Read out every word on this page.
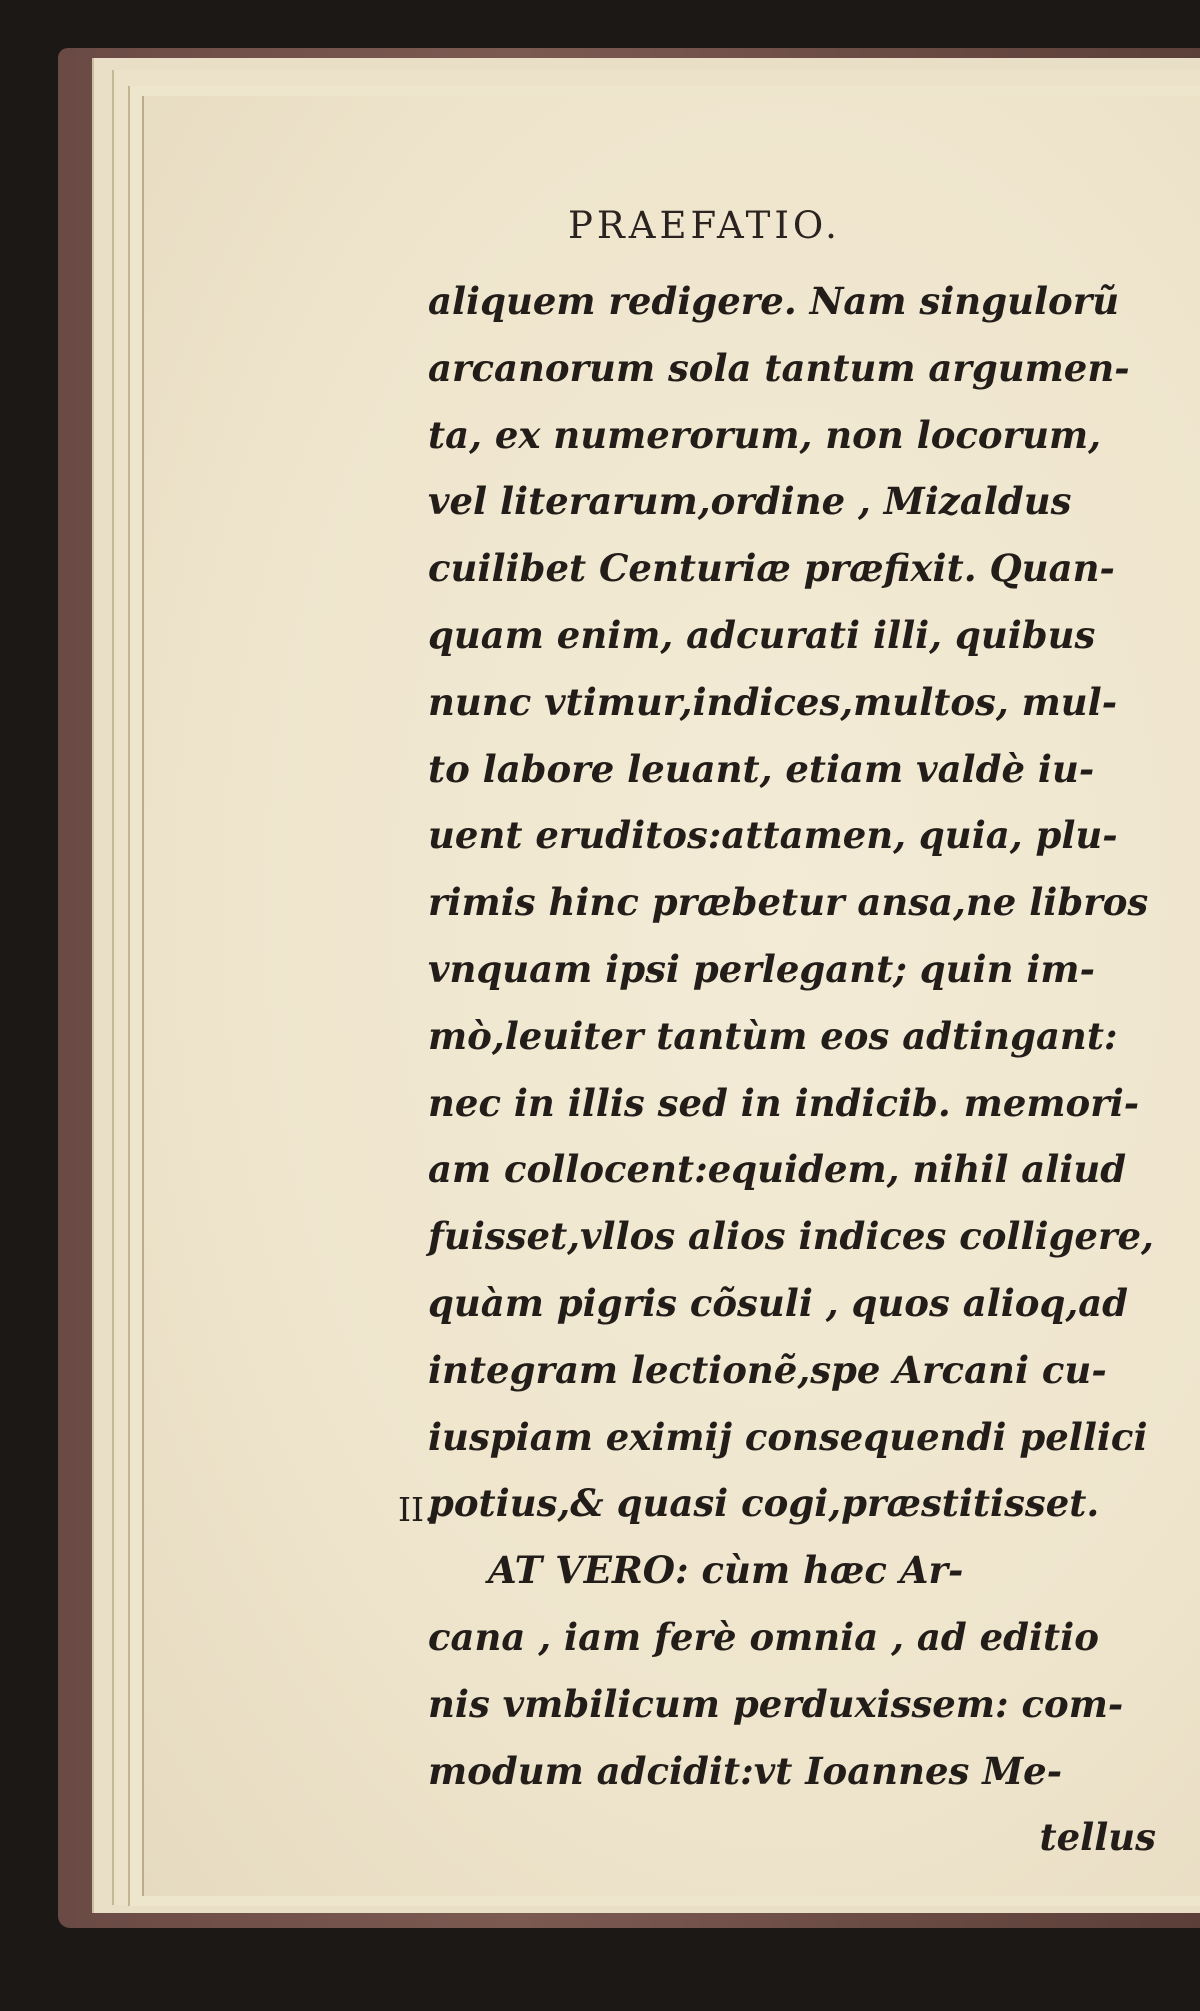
PRAEFATIO.
II.
aliquem redigere. Nam singulorũ
arcanorum sola tantum argumen-
ta, ex numerorum, non locorum,
vel literarum,ordine , Mizaldus
cuilibet Centuriæ præfixit. Quan-
quam enim, adcurati illi, quibus
nunc vtimur,indices,multos, mul-
to labore leuant, etiam valdè iu-
uent eruditos:attamen, quia, plu-
rimis hinc præbetur ansa,ne libros
vnquam ipsi perlegant; quin im-
mò,leuiter tantùm eos adtingant:
nec in illis sed in indicib. memori-
am collocent:equidem, nihil aliud
fuisset,vllos alios indices colligere,
quàm pigris cõsuli , quos alioq,ad
integram lectionẽ,spe Arcani cu-
iuspiam eximij consequendi pellici
potius,& quasi cogi,præstitisset.
AT VERO: cùm hæc Ar-
cana , iam ferè omnia , ad editio
nis vmbilicum perduxissem: com-
modum adcidit:vt Ioannes Me-
tellus
